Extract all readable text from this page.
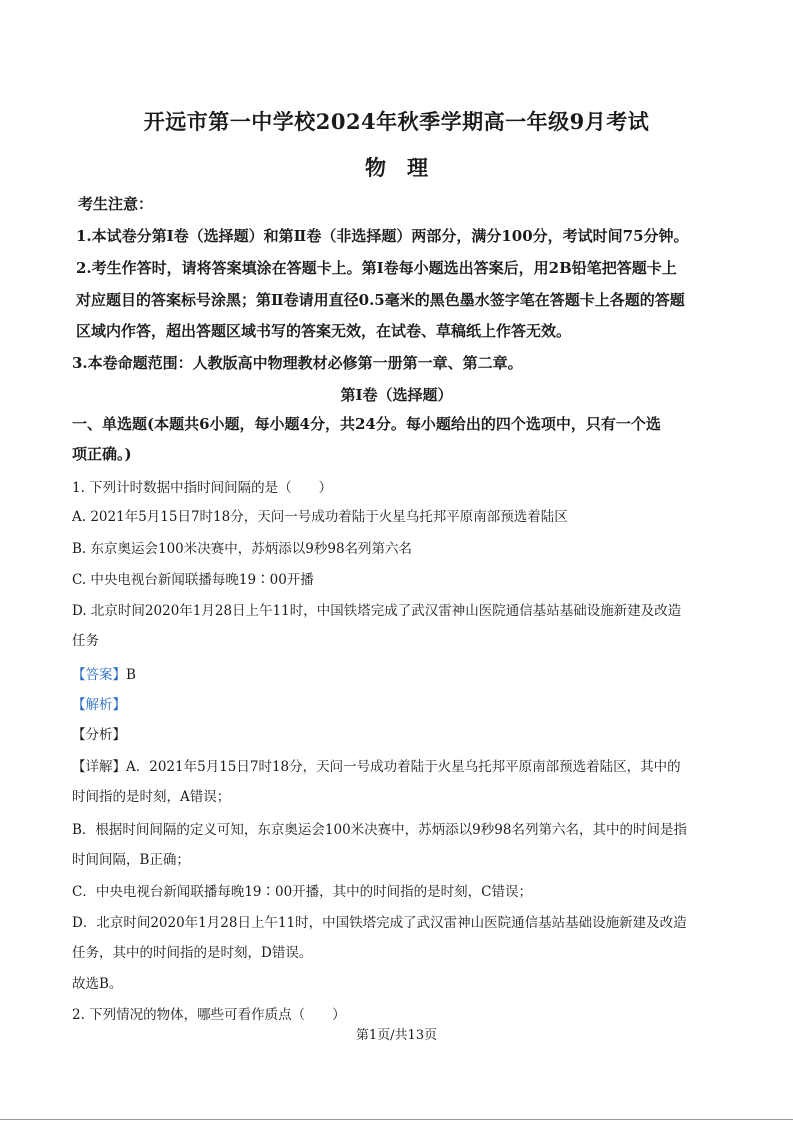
开远市第一中学校2024年秋季学期高一年级9月考试
物　理
考生注意：
1.本试卷分第Ⅰ卷（选择题）和第Ⅱ卷（非选择题）两部分，满分100分，考试时间75分钟。
2.考生作答时，请将答案填涂在答题卡上。第Ⅰ卷每小题选出答案后，用2B铅笔把答题卡上
对应题目的答案标号涂黑；第Ⅱ卷请用直径0.5毫米的黑色墨水签字笔在答题卡上各题的答题
区域内作答，超出答题区域书写的答案无效，在试卷、草稿纸上作答无效。
3.本卷命题范围：人教版高中物理教材必修第一册第一章、第二章。
第Ⅰ卷（选择题）
一、单选题(本题共6小题，每小题4分，共24分。每小题给出的四个选项中，只有一个选
项正确。)
1. 下列计时数据中指时间间隔的是（　　）
A. 2021年5月15日7时18分，天问一号成功着陆于火星乌托邦平原南部预选着陆区
B. 东京奥运会100米决赛中，苏炳添以9秒98名列第六名
C. 中央电视台新闻联播每晚19∶00开播
D. 北京时间2020年1月28日上午11时，中国铁塔完成了武汉雷神山医院通信基站基础设施新建及改造
任务
【答案】B
【解析】
【分析】
【详解】A．2021年5月15日7时18分，天问一号成功着陆于火星乌托邦平原南部预选着陆区，其中的
时间指的是时刻，A错误；
B．根据时间间隔的定义可知，东京奥运会100米决赛中，苏炳添以9秒98名列第六名，其中的时间是指
时间间隔，B正确；
C．中央电视台新闻联播每晚19∶00开播，其中的时间指的是时刻，C错误；
D．北京时间2020年1月28日上午11时，中国铁塔完成了武汉雷神山医院通信基站基础设施新建及改造
任务，其中的时间指的是时刻，D错误。
故选B。
2. 下列情况的物体，哪些可看作质点（　　）
第1页/共13页
